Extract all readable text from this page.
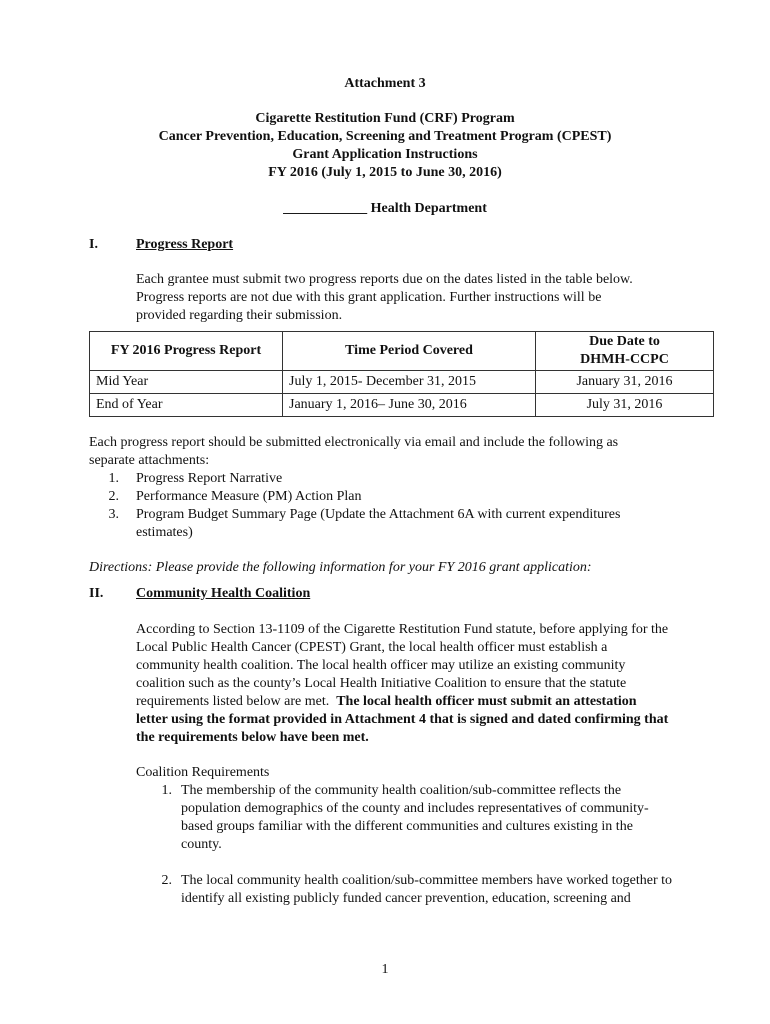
Attachment 3
Cigarette Restitution Fund (CRF) Program
Cancer Prevention, Education, Screening and Treatment Program (CPEST)
Grant Application Instructions
FY 2016 (July 1, 2015 to June 30, 2016)
____________ Health Department
I.	Progress Report
Each grantee must submit two progress reports due on the dates listed in the table below.
Progress reports are not due with this grant application. Further instructions will be
provided regarding their submission.
FY 2016 Progress Report	Time Period Covered	Due Date to
DHMH-CCPC

Mid Year	July 1, 2015- December 31, 2015	January 31, 2016
End of Year	January 1, 2016– June 30, 2016	July 31, 2016
Each progress report should be submitted electronically via email and include the following as
separate attachments:
1. Progress Report Narrative
2. Performance Measure (PM) Action Plan
3. Program Budget Summary Page (Update the Attachment 6A with current expenditures
estimates)
Directions: Please provide the following information for your FY 2016 grant application:
II. Community Health Coalition
According to Section 13-1109 of the Cigarette Restitution Fund statute, before applying for the
Local Public Health Cancer (CPEST) Grant, the local health officer must establish a
community health coalition. The local health officer may utilize an existing community
coalition such as the county’s Local Health Initiative Coalition to ensure that the statute
requirements listed below are met. The local health officer must submit an attestation
letter using the format provided in Attachment 4 that is signed and dated confirming that
the requirements below have been met.
Coalition Requirements
1. The membership of the community health coalition/sub-committee reflects the
population demographics of the county and includes representatives of community-
based groups familiar with the different communities and cultures existing in the
county.
2. The local community health coalition/sub-committee members have worked together to
identify all existing publicly funded cancer prevention, education, screening and
1
